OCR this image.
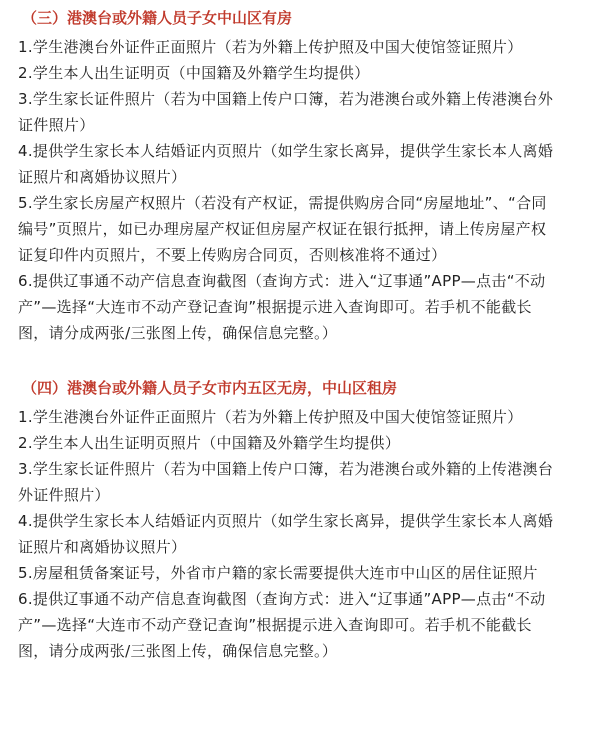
（三）港澳台或外籍人员子女中山区有房

1.学生港澳台外证件正面照片（若为外籍上传护照及中国大使馆签证照片）

2.学生本人出生证明页（中国籍及外籍学生均提供）

3.学生家长证件照片（若为中国籍上传户口簿，若为港澳台或外籍上传港澳台外
证件照片）

4.提供学生家长本人结婚证内页照片（如学生家长离异，提供学生家长本人离婚
证照片和离婚协议照片）

5.学生家长房屋产权照片（若没有产权证，需提供购房合同“房屋地址”、“合同
编号”页照片，如已办理房屋产权证但房屋产权证在银行抵押，请上传房屋产权
证复印件内页照片，不要上传购房合同页，否则核准将不通过）

6.提供辽事通不动产信息查询截图（查询方式：进入“辽事通”APP—点击“不动
产”—选择“大连市不动产登记查询”根据提示进入查询即可。若手机不能截长
图，请分成两张/三张图上传，确保信息完整。）

（四）港澳台或外籍人员子女市内五区无房，中山区租房

1.学生港澳台外证件正面照片（若为外籍上传护照及中国大使馆签证照片）

2.学生本人出生证明页照片（中国籍及外籍学生均提供）

3.学生家长证件照片（若为中国籍上传户口簿，若为港澳台或外籍的上传港澳台
外证件照片）

4.提供学生家长本人结婚证内页照片（如学生家长离异，提供学生家长本人离婚
证照片和离婚协议照片）

5.房屋租赁备案证号，外省市户籍的家长需要提供大连市中山区的居住证照片

6.提供辽事通不动产信息查询截图（查询方式：进入“辽事通”APP—点击“不动
产”—选择“大连市不动产登记查询”根据提示进入查询即可。若手机不能截长
图，请分成两张/三张图上传，确保信息完整。）
